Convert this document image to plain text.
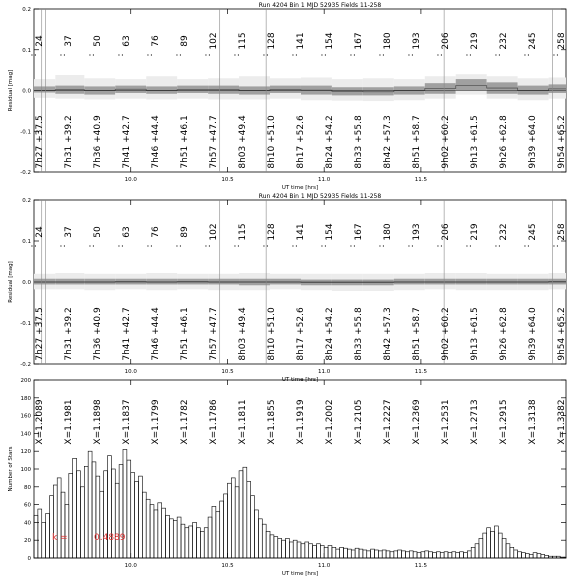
10.0	10.5	11.0	11.5
-0.2
-0.1
0.0
0.1
0.2
UT time [hrs]
Residual [mag]
Run 4204 Bin 1 MJD 52935 Fields 11-258
24
:
37
:
50
:
63
:
76
:
89
:
102
:
115
:
128
:
141
:
154
:
167
:
180
:
193
:
206
:
219
:
232
:
245
:
258
:
7h27 +37.5 7h31 +39.2 7h36 +40.9 7h41 +42.7 7h46 +44.4 7h51 +46.1 7h57 +47.7 8h03 +49.4 8h10 +51.0 8h17 +52.6 8h24 +54.2 8h33 +55.8 8h42 +57.3 8h51 +58.7 9h02 +60.2 9h13 +61.5 9h26 +62.8 9h39 +64.0 9h54 +65.2
10.0	10.5	11.0	11.5
-0.2
-0.1
0.0
0.1
0.2
UT time [hrs]
Residual [mag]
Run 4204 Bin 1 MJD 52935 Fields 11-258
24
:
37
:
50
:
63
:
76
:
89
:
102
:
115
:
128
:
141
:
154
:
167
:
180
:
193
:
206
:
219
:
232
:
245
:
258
:
7h27 +37.5 7h31 +39.2 7h36 +40.9 7h41 +42.7 7h46 +44.4 7h51 +46.1 7h57 +47.7 8h03 +49.4 8h10 +51.0 8h17 +52.6 8h24 +54.2 8h33 +55.8 8h42 +57.3 8h51 +58.7 9h02 +60.2 9h13 +61.5 9h26 +62.8 9h39 +64.0 9h54 +65.2
10.0	10.5	11.0	11.5
0
20
40
60
80
100
120
140
160
180
200
UT time [hrs]
Number of Stars
X=1.2089 X=1.1981 X=1.1898 X=1.1837 X=1.1799 X=1.1782 X=1.1786 X=1.1811 X=1.1855 X=1.1919 X=1.2002 X=1.2105 X=1.2227 X=1.2369 X=1.2531 X=1.2713 X=1.2915 X=1.3138 X=1.3382
k =	0.4889
